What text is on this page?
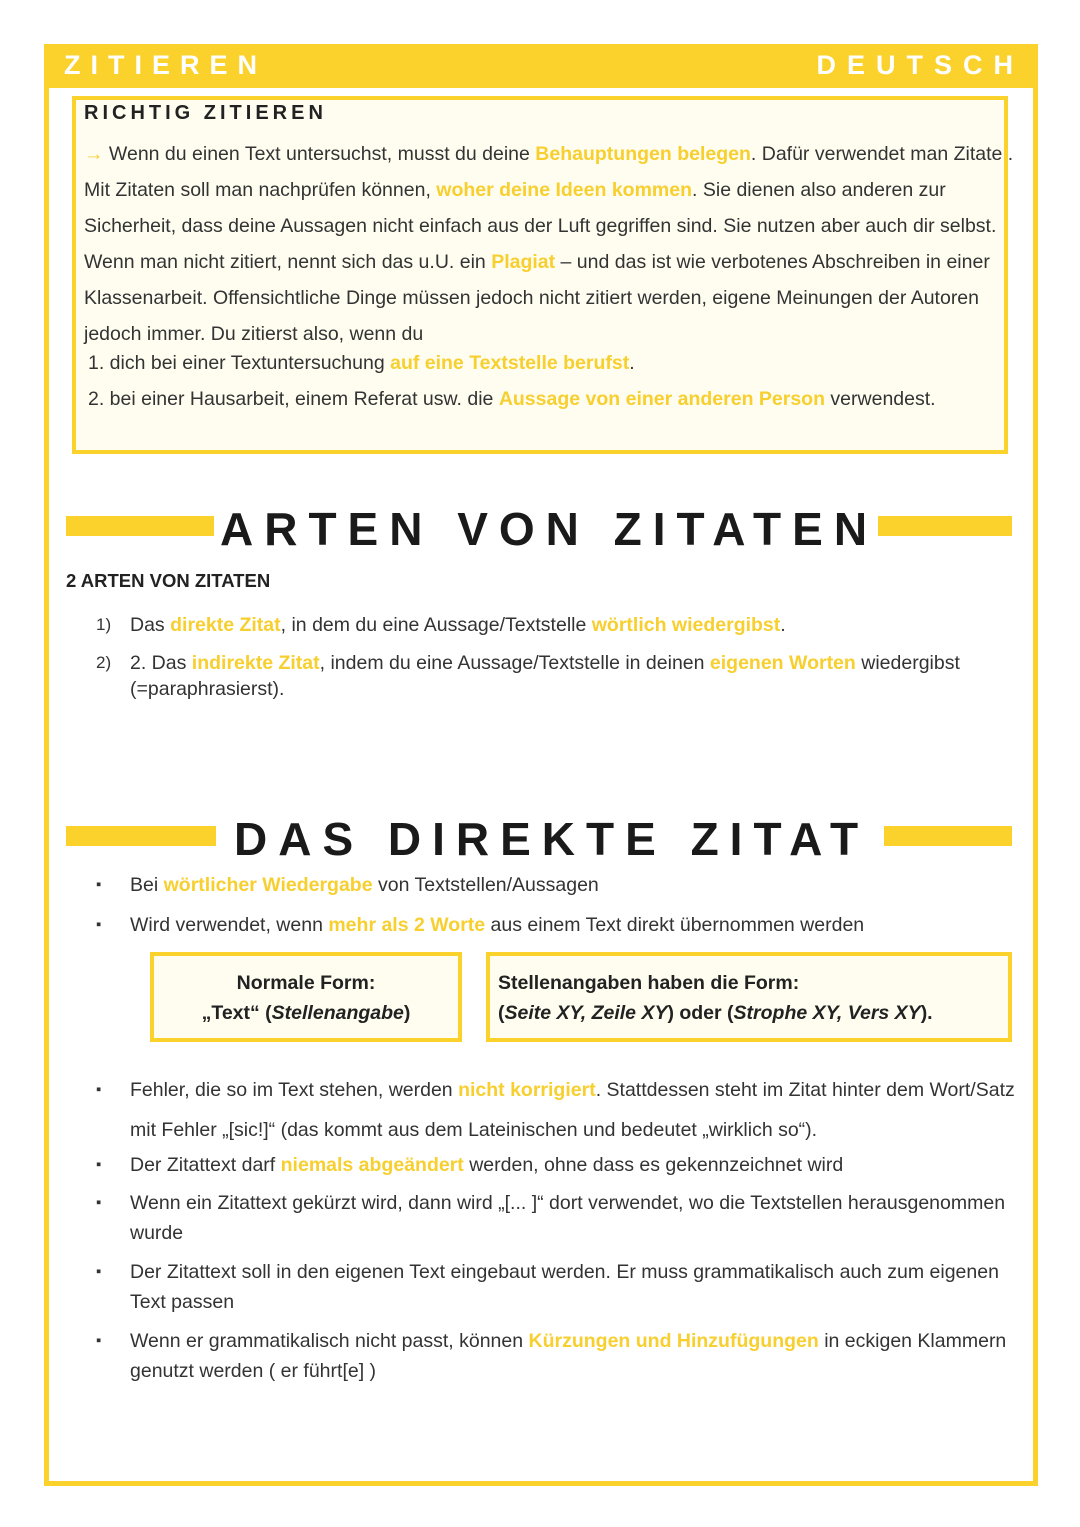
ZITIEREN	DEUTSCH
RICHTIG ZITIEREN
→ Wenn du einen Text untersuchst, musst du deine Behauptungen belegen. Dafür verwendet man Zitate . Mit Zitaten soll man nachprüfen können, woher deine Ideen kommen. Sie dienen also anderen zur Sicherheit, dass deine Aussagen nicht einfach aus der Luft gegriffen sind. Sie nutzen aber auch dir selbst. Wenn man nicht zitiert, nennt sich das u.U. ein Plagiat – und das ist wie verbotenes Abschreiben in einer Klassenarbeit. Offensichtliche Dinge müssen jedoch nicht zitiert werden, eigene Meinungen der Autoren jedoch immer. Du zitierst also, wenn du
1. dich bei einer Textuntersuchung auf eine Textstelle berufst.
2. bei einer Hausarbeit, einem Referat usw. die Aussage von einer anderen Person verwendest.
ARTEN VON ZITATEN

2 ARTEN VON ZITATEN

1) Das direkte Zitat, in dem du eine Aussage/Textstelle wörtlich wiedergibst.
2) 2. Das indirekte Zitat, indem du eine Aussage/Textstelle in deinen eigenen Worten wiedergibst (=paraphrasierst).
DAS DIREKTE ZITAT
▪ Bei wörtlicher Wiedergabe von Textstellen/Aussagen
▪ Wird verwendet, wenn mehr als 2 Worte aus einem Text direkt übernommen werden
Normale Form:
„Text“ (Stellenangabe)
Stellenangaben haben die Form:
(Seite XY, Zeile XY) oder (Strophe XY, Vers XY).
▪ Fehler, die so im Text stehen, werden nicht korrigiert. Stattdessen steht im Zitat hinter dem Wort/Satz mit Fehler „[sic!]“ (das kommt aus dem Lateinischen und bedeutet „wirklich so“).
▪ Der Zitattext darf niemals abgeändert werden, ohne dass es gekennzeichnet wird
▪ Wenn ein Zitattext gekürzt wird, dann wird „[... ]“ dort verwendet, wo die Textstellen herausgenommen wurde
▪ Der Zitattext soll in den eigenen Text eingebaut werden. Er muss grammatikalisch auch zum eigenen Text passen
▪ Wenn er grammatikalisch nicht passt, können Kürzungen und Hinzufügungen in eckigen Klammern genutzt werden ( er führt[e] )
